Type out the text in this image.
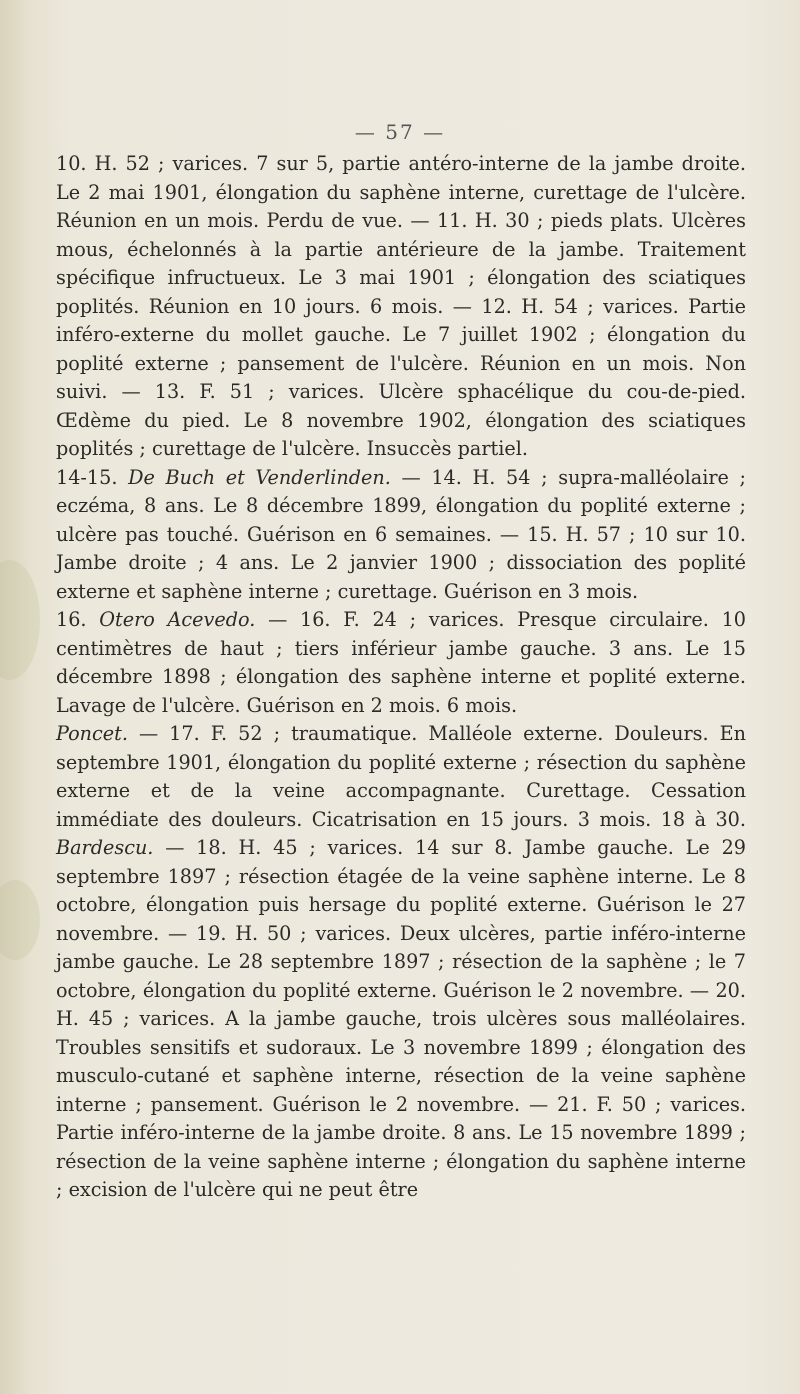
— 57 —

10. H. 52 ; varices. 7 sur 5, partie antéro-interne de la jambe droite. Le 2 mai 1901, élongation du saphène interne, curettage de l'ulcère. Réunion en un mois. Perdu de vue. — 11. H. 30 ; pieds plats. Ulcères mous, échelonnés à la partie antérieure de la jambe. Traitement spécifique infructueux. Le 3 mai 1901 ; élongation des sciatiques poplités. Réunion en 10 jours. 6 mois. — 12. H. 54 ; varices. Partie inféro-externe du mollet gauche. Le 7 juillet 1902 ; élongation du poplité externe ; pansement de l'ulcère. Réunion en un mois. Non suivi. — 13. F. 51 ; varices. Ulcère sphacélique du cou-de-pied. Œdème du pied. Le 8 novembre 1902, élongation des sciatiques poplités ; curettage de l'ulcère. Insuccès partiel.

14-15. De Buch et Venderlinden. — 14. H. 54 ; supra-malléolaire ; eczéma, 8 ans. Le 8 décembre 1899, élongation du poplité externe ; ulcère pas touché. Guérison en 6 semaines. — 15. H. 57 ; 10 sur 10. Jambe droite ; 4 ans. Le 2 janvier 1900 ; dissociation des poplité externe et saphène interne ; curettage. Guérison en 3 mois.

16. Otero Acevedo. — 16. F. 24 ; varices. Presque circulaire. 10 centimètres de haut ; tiers inférieur jambe gauche. 3 ans. Le 15 décembre 1898 ; élongation des saphène interne et poplité externe. Lavage de l'ulcère. Guérison en 2 mois. 6 mois.

Poncet. — 17. F. 52 ; traumatique. Malléole externe. Douleurs. En septembre 1901, élongation du poplité externe ; résection du saphène externe et de la veine accompagnante. Curettage. Cessation immédiate des douleurs. Cicatrisation en 15 jours. 3 mois. 18 à 30. Bardescu. — 18. H. 45 ; varices. 14 sur 8. Jambe gauche. Le 29 septembre 1897 ; résection étagée de la veine saphène interne. Le 8 octobre, élongation puis hersage du poplité externe. Guérison le 27 novembre. — 19. H. 50 ; varices. Deux ulcères, partie inféro-interne jambe gauche. Le 28 septembre 1897 ; résection de la saphène ; le 7 octobre, élongation du poplité externe. Guérison le 2 novembre. — 20. H. 45 ; varices. A la jambe gauche, trois ulcères sous malléolaires. Troubles sensitifs et sudoraux. Le 3 novembre 1899 ; élongation des musculo-cutané et saphène interne, résection de la veine saphène interne ; pansement. Guérison le 2 novembre. — 21. F. 50 ; varices. Partie inféro-interne de la jambe droite. 8 ans. Le 15 novembre 1899 ; résection de la veine saphène interne ; élongation du saphène interne ; excision de l'ulcère qui ne peut être
